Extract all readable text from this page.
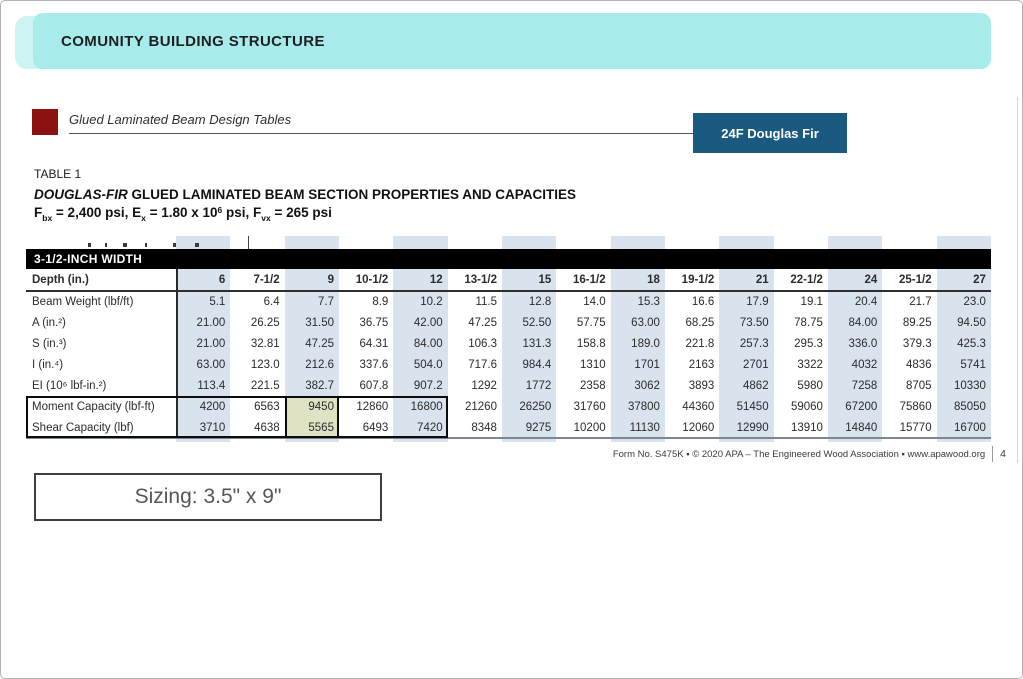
COMUNITY BUILDING STRUCTURE
Glued Laminated Beam Design Tables
24F Douglas Fir
TABLE 1
DOUGLAS-FIR GLUED LAMINATED BEAM SECTION PROPERTIES AND CAPACITIES
$F_{bx} = 2,400$ psi, $E_x = 1.80$ x $10^6$ psi, $F_{vx} = 265$ psi
3-1/2-INCH WIDTH
Depth (in.)	6	7-1/2	9	10-1/2	12	13-1/2	15	16-1/2	18	19-1/2	21	22-1/2	24	25-1/2	27
Beam Weight (lbf/ft)	5.1	6.4	7.7	8.9	10.2	11.5	12.8	14.0	15.3	16.6	17.9	19.1	20.4	21.7	23.0
A (in.²)	21.00	26.25	31.50	36.75	42.00	47.25	52.50	57.75	63.00	68.25	73.50	78.75	84.00	89.25	94.50
S (in.³)	21.00	32.81	47.25	64.31	84.00	106.3	131.3	158.8	189.0	221.8	257.3	295.3	336.0	379.3	425.3
I (in.⁴)	63.00	123.0	212.6	337.6	504.0	717.6	984.4	1310	1701	2163	2701	3322	4032	4836	5741
EI (10⁶ lbf-in.²)	113.4	221.5	382.7	607.8	907.2	1292	1772	2358	3062	3893	4862	5980	7258	8705	10330
Moment Capacity (lbf-ft)	4200	6563	9450	12860	16800	21260	26250	31760	37800	44360	51450	59060	67200	75860	85050
Shear Capacity (lbf)	3710	4638	5565	6493	7420	8348	9275	10200	11130	12060	12990	13910	14840	15770	16700
Form No. S475K ▪ © 2020 APA – The Engineered Wood Association ▪ www.apawood.org 4
Sizing: 3.5" x 9"
